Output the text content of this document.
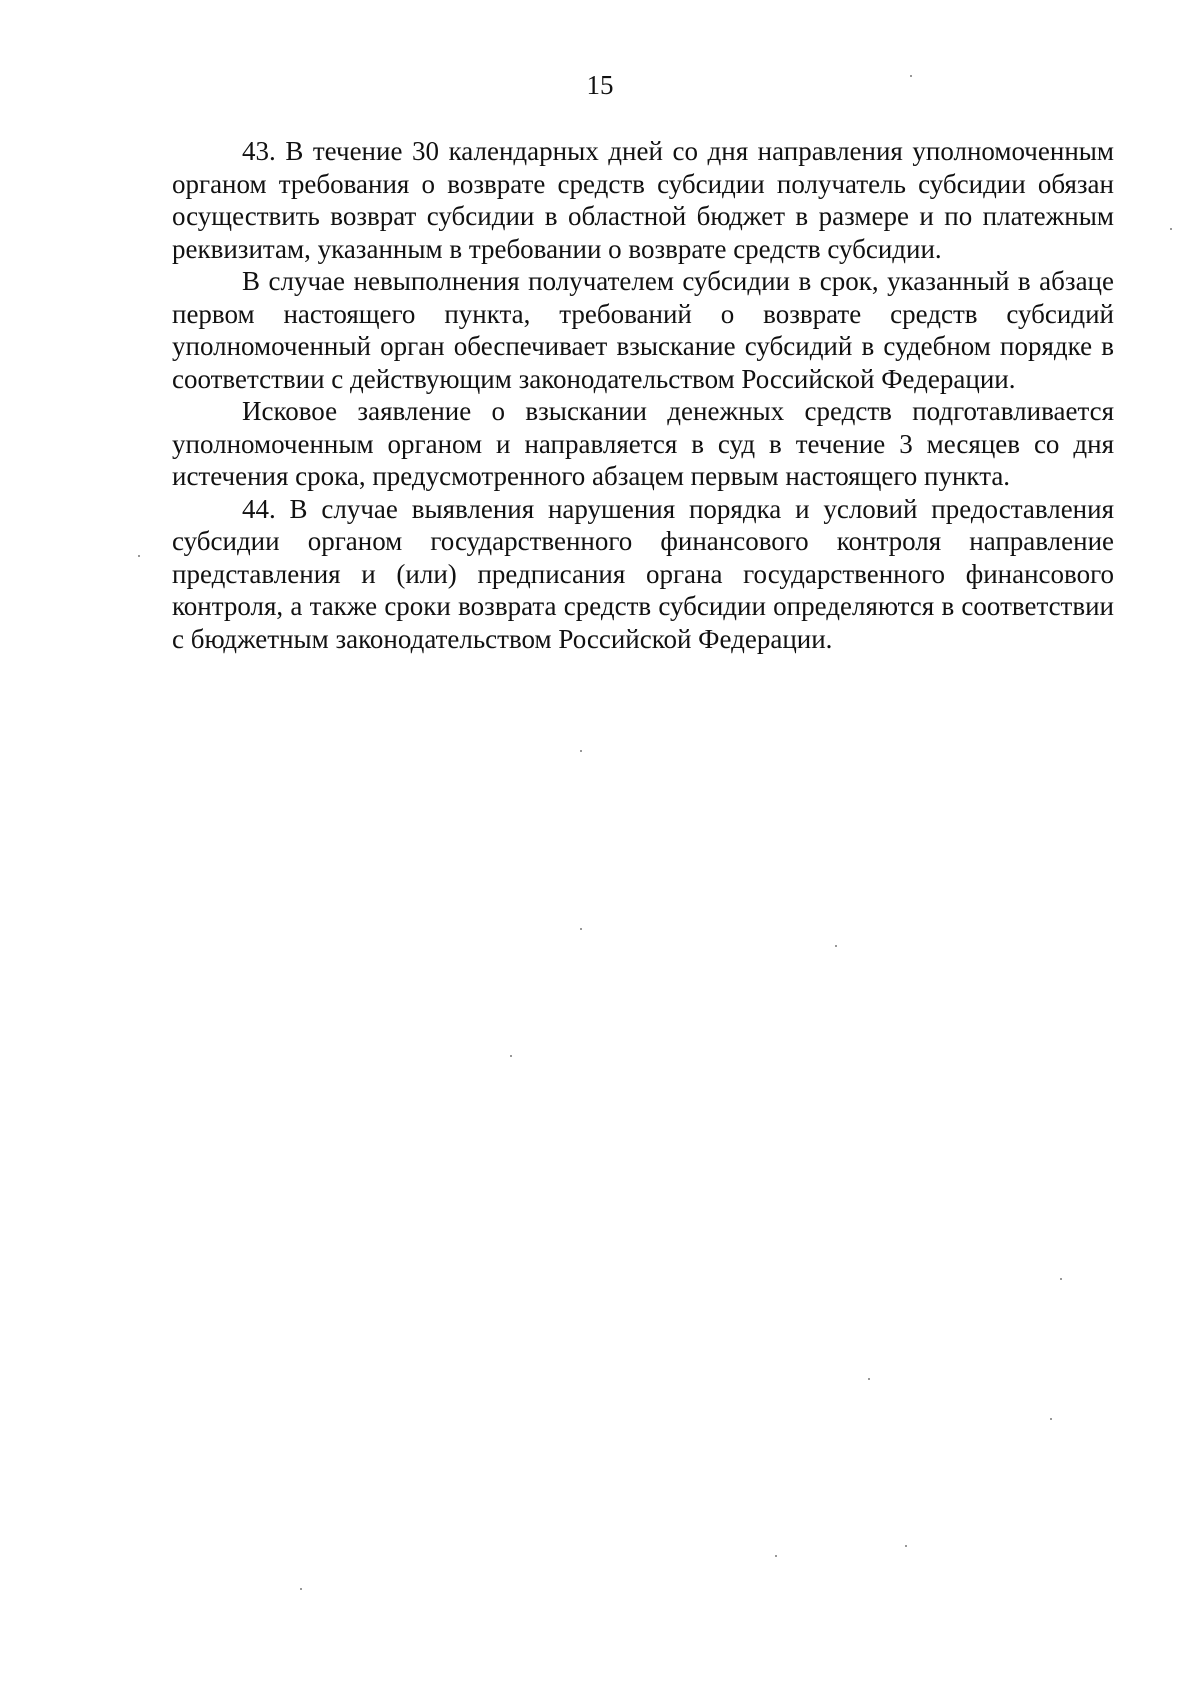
15

43. В течение 30 календарных дней со дня направления уполномоченным органом требования о возврате средств субсидии получатель субсидии обязан осуществить возврат субсидии в областной бюджет в размере и по платежным реквизитам, указанным в требовании о возврате средств субсидии.

В случае невыполнения получателем субсидии в срок, указанный в абзаце первом настоящего пункта, требований о возврате средств субсидий уполномоченный орган обеспечивает взыскание субсидий в судебном порядке в соответствии с действующим законодательством Российской Федерации.

Исковое заявление о взыскании денежных средств подготавливается уполномоченным органом и направляется в суд в течение 3 месяцев со дня истечения срока, предусмотренного абзацем первым настоящего пункта.

44. В случае выявления нарушения порядка и условий предоставления субсидии органом государственного финансового контроля направление представления и (или) предписания органа государственного финансового контроля, а также сроки возврата средств субсидии определяются в соответствии с бюджетным законодательством Российской Федерации.
